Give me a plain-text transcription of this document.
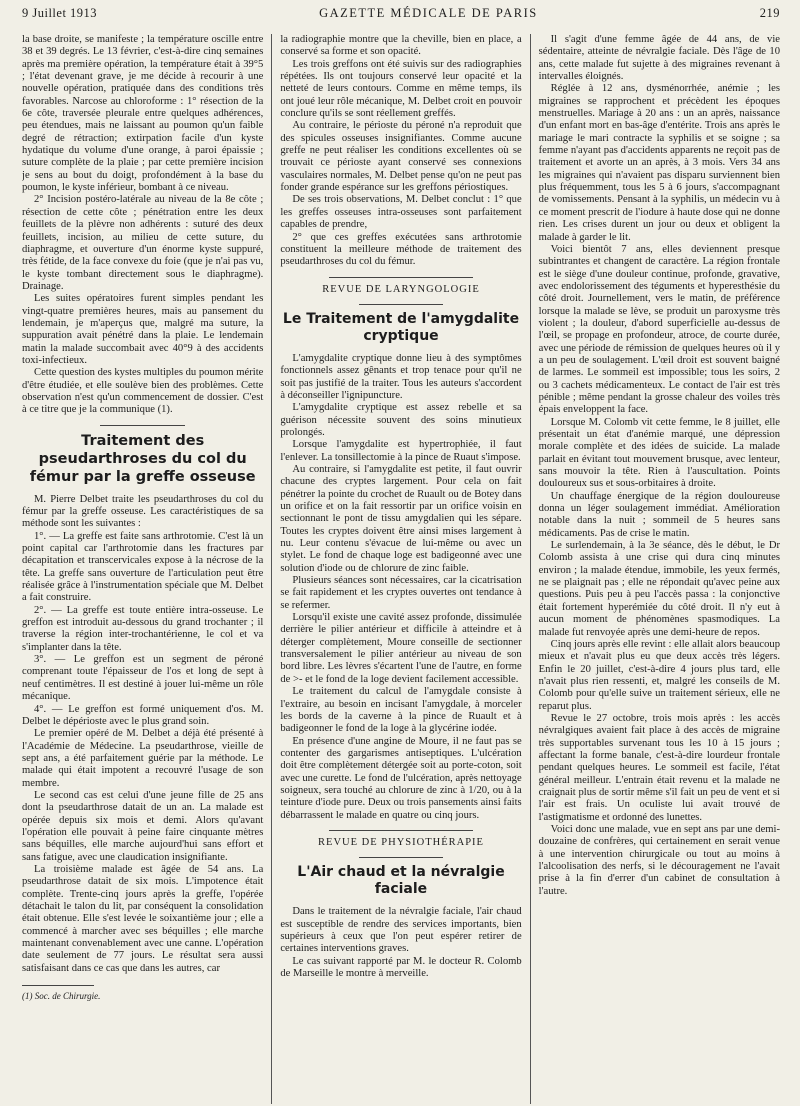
9 Juillet 1913	GAZETTE MÉDICALE DE PARIS	219

la base droite, se manifeste ; la température oscille entre 38 et 39 degrés. Le 13 février, c'est-à-dire cinq semaines après ma première opération, la température était à 39°5 ; l'état devenant grave, je me décide à recourir à une nouvelle opération, pratiquée dans des conditions très favorables. Narcose au chloroforme : 1° résection de la 6e côte, traversée pleurale entre quelques adhérences, peu étendues, mais ne laissant au poumon qu'un faible degré de rétraction; extirpation facile d'un kyste hydatique du volume d'une orange, à paroi épaissie ; suture complète de la plaie ; par cette première incision je sens au bout du doigt, profondément à la base du poumon, le kyste inférieur, bombant à ce niveau.

2° Incision postéro-latérale au niveau de la 8e côte ; résection de cette côte ; pénétration entre les deux feuillets de la plèvre non adhérents : suturé des deux feuillets, incision, au milieu de cette suture, du diaphragme, et ouverture d'un énorme kyste suppuré, très fétide, de la face convexe du foie (que je n'ai pas vu, le kyste tombant directement sous le diaphragme). Drainage.

Les suites opératoires furent simples pendant les vingt-quatre premières heures, mais au pansement du lendemain, je m'aperçus que, malgré ma suture, la suppuration avait pénétré dans la plaie. Le lendemain matin la malade succombait avec 40°9 à des accidents toxi-infectieux.

Cette question des kystes multiples du poumon mérite d'être étudiée, et elle soulève bien des problèmes. Cette observation n'est qu'un commencement de dossier. C'est à ce titre que je la communique (1).

Traitement des pseudarthroses du col du fémur par la greffe osseuse

M. Pierre Delbet traite les pseudarthroses du col du fémur par la greffe osseuse. Les caractéristiques de sa méthode sont les suivantes :

1°. — La greffe est faite sans arthrotomie. C'est là un point capital car l'arthrotomie dans les fractures par décapitation et transcervicales expose à la nécrose de la tête. La greffe sans ouverture de l'articulation peut être réalisée grâce à l'instrumentation spéciale que M. Delbet a fait construire.

2°. — La greffe est toute entière intra-osseuse. Le greffon est introduit au-dessous du grand trochanter ; il traverse la région inter-trochantérienne, le col et va s'implanter dans la tête.

3°. — Le greffon est un segment de péroné comprenant toute l'épaisseur de l'os et long de sept à neuf centimètres. Il est destiné à jouer lui-même un rôle mécanique.

4°. — Le greffon est formé uniquement d'os. M. Delbet le dépérioste avec le plus grand soin.

Le premier opéré de M. Delbet a déjà été présenté à l'Académie de Médecine. La pseudarthrose, vieille de sept ans, a été parfaitement guérie par la méthode. Le malade qui était impotent a recouvré l'usage de son membre.

Le second cas est celui d'une jeune fille de 25 ans dont la pseudarthrose datait de un an. La malade est opérée depuis six mois et demi. Alors qu'avant l'opération elle pouvait à peine faire cinquante mètres sans béquilles, elle marche aujourd'hui sans effort et sans fatigue, avec une claudication insignifiante.

La troisième malade est âgée de 54 ans. La pseudarthrose datait de six mois. L'impotence était complète. Trente-cinq jours après la greffe, l'opérée détachait le talon du lit, par conséquent la consolidation était obtenue. Elle s'est levée le soixantième jour ; elle a commencé à marcher avec ses béquilles ; elle marche maintenant convenablement avec une canne. L'opération date seulement de 77 jours. Le résultat sera aussi satisfaisant dans ce cas que dans les autres, car

(1) Soc. de Chirurgie.

la radiographie montre que la cheville, bien en place, a conservé sa forme et son opacité.

Les trois greffons ont été suivis sur des radiographies répétées. Ils ont toujours conservé leur opacité et la netteté de leurs contours. Comme en même temps, ils ont joué leur rôle mécanique, M. Delbet croit en pouvoir conclure qu'ils se sont réellement greffés.

Au contraire, le périoste du péroné n'a reproduit que des spicules osseuses insignifiantes. Comme aucune greffe ne peut réaliser les conditions excellentes où se trouvait ce périoste ayant conservé ses connexions vasculaires normales, M. Delbet pense qu'on ne peut pas fonder grande espérance sur les greffons périostiques.

De ses trois observations, M. Delbet conclut : 1° que les greffes osseuses intra-osseuses sont parfaitement capables de prendre,

2° que ces greffes exécutées sans arthrotomie constituent la meilleure méthode de traitement des pseudarthroses du col du fémur.

REVUE DE LARYNGOLOGIE
Le Traitement de l'amygdalite cryptique

L'amygdalite cryptique donne lieu à des symptômes fonctionnels assez gênants et trop tenace pour qu'il ne soit pas justifié de la traiter. Tous les auteurs s'accordent à déconseiller l'ignipuncture.

L'amygdalite cryptique est assez rebelle et sa guérison nécessite souvent des soins minutieux prolongés.

Lorsque l'amygdalite est hypertrophiée, il faut l'enlever. La tonsillectomie à la pince de Ruaut s'impose.

Au contraire, si l'amygdalite est petite, il faut ouvrir chacune des cryptes largement. Pour cela on fait pénétrer la pointe du crochet de Ruault ou de Botey dans un orifice et on la fait ressortir par un orifice voisin en sectionnant le pont de tissu amygdalien qui les sépare. Toutes les cryptes doivent être ainsi mises largement à nu. Leur contenu s'évacue de lui-même ou avec un stylet. Le fond de chaque loge est badigeonné avec une solution d'iode ou de chlorure de zinc faible.

Plusieurs séances sont nécessaires, car la cicatrisation se fait rapidement et les cryptes ouvertes ont tendance à se refermer.

Lorsqu'il existe une cavité assez profonde, dissimulée derrière le pilier antérieur et difficile à atteindre et à déterger complètement, Moure conseille de sectionner transversalement le pilier antérieur au niveau de son bord libre. Les lèvres s'écartent l'une de l'autre, en forme de >- et le fond de la loge devient facilement accessible.

Le traitement du calcul de l'amygdale consiste à l'extraire, au besoin en incisant l'amygdale, à morceler les bords de la caverne à la pince de Ruault et à badigeonner le fond de la loge à la glycérine iodée.

En présence d'une angine de Moure, il ne faut pas se contenter des gargarismes antiseptiques. L'ulcération doit être complètement détergée soit au porte-coton, soit avec une curette. Le fond de l'ulcération, après nettoyage soigneux, sera touché au chlorure de zinc à 1/20, ou à la teinture d'iode pure. Deux ou trois pansements ainsi faits débarrassent le malade en quatre ou cinq jours.

REVUE DE PHYSIOTHÉRAPIE
L'Air chaud et la névralgie faciale

Dans le traitement de la névralgie faciale, l'air chaud est susceptible de rendre des services importants, bien supérieurs à ceux que l'on peut espérer retirer de certaines interventions graves.

Le cas suivant rapporté par M. le docteur R. Colomb de Marseille le montre à merveille.

Il s'agit d'une femme âgée de 44 ans, de vie sédentaire, atteinte de névralgie faciale. Dès l'âge de 10 ans, cette malade fut sujette à des migraines revenant à intervalles éloignés.

Réglée à 12 ans, dysménorrhée, anémie ; les migraines se rapprochent et précèdent les époques menstruelles. Mariage à 20 ans : un an après, naissance d'un enfant mort en bas-âge d'entérite. Trois ans après le mariage le mari contracte la syphilis et se soigne ; sa femme n'ayant pas d'accidents apparents ne reçoit pas de traitement et avorte un an après, à 3 mois. Vers 34 ans les migraines qui n'avaient pas disparu surviennent bien plus fréquemment, tous les 5 à 6 jours, s'accompagnant de vomissements. Pensant à la syphilis, un médecin vu à ce moment prescrit de l'iodure à haute dose qui ne donne rien. Les crises durent un jour ou deux et obligent la malade à garder le lit.

Voici bientôt 7 ans, elles deviennent presque subintrantes et changent de caractère. La région frontale est le siège d'une douleur continue, profonde, gravative, avec endolorissement des téguments et hyperesthésie du côté droit. Journellement, vers le matin, de préférence lorsque la malade se lève, se produit un paroxysme très violent ; la douleur, d'abord superficielle au-dessus de l'œil, se propage en profondeur, atroce, de courte durée, avec une période de rémission de quelques heures où il y a un peu de soulagement. L'œil droit est souvent baigné de larmes. Le sommeil est impossible; tous les soirs, 2 ou 3 cachets médicamenteux. Le contact de l'air est très pénible ; même pendant la grosse chaleur des voiles très épais enveloppent la face.

Lorsque M. Colomb vit cette femme, le 8 juillet, elle présentait un état d'anémie marqué, une dépression morale complète et des idées de suicide. La malade parlait en évitant tout mouvement brusque, avec lenteur, sans mouvoir la tête. Rien à l'auscultation. Points douloureux sus et sous-orbitaires à droite.

Un chauffage énergique de la région douloureuse donna un léger soulagement immédiat. Amélioration notable dans la nuit ; sommeil de 5 heures sans médicaments. Pas de crise le matin.

Le surlendemain, à la 3e séance, dès le début, le Dr Colomb assista à une crise qui dura cinq minutes environ ; la malade étendue, immobile, les yeux fermés, ne se plaignait pas ; elle ne répondait qu'avec peine aux questions. Puis peu à peu l'accès passa : la conjonctive était fortement hyperémiée du côté droit. Il n'y eut à aucun moment de phénomènes spasmodiques. La malade fut renvoyée après une demi-heure de repos.

Cinq jours après elle revint : elle allait alors beaucoup mieux et n'avait plus eu que deux accès très légers. Enfin le 20 juillet, c'est-à-dire 4 jours plus tard, elle n'avait plus rien ressenti, et, malgré les conseils de M. Colomb pour qu'elle suive un traitement sérieux, elle ne reparut plus.

Revue le 27 octobre, trois mois après : les accès névralgiques avaient fait place à des accès de migraine très supportables survenant tous les 10 à 15 jours ; affectant la forme banale, c'est-à-dire lourdeur frontale pendant quelques heures. Le sommeil est facile, l'état général meilleur. L'entrain était revenu et la malade ne craignait plus de sortir même s'il fait un peu de vent et si l'air est frais. Un oculiste lui avait trouvé de l'astigmatisme et ordonné des lunettes.

Voici donc une malade, vue en sept ans par une demi-douzaine de confrères, qui certainement en serait venue à une intervention chirurgicale ou tout au moins à l'alcoolisation des nerfs, si le découragement ne l'avait prise à la fin d'errer d'un cabinet de consultation à l'autre.
